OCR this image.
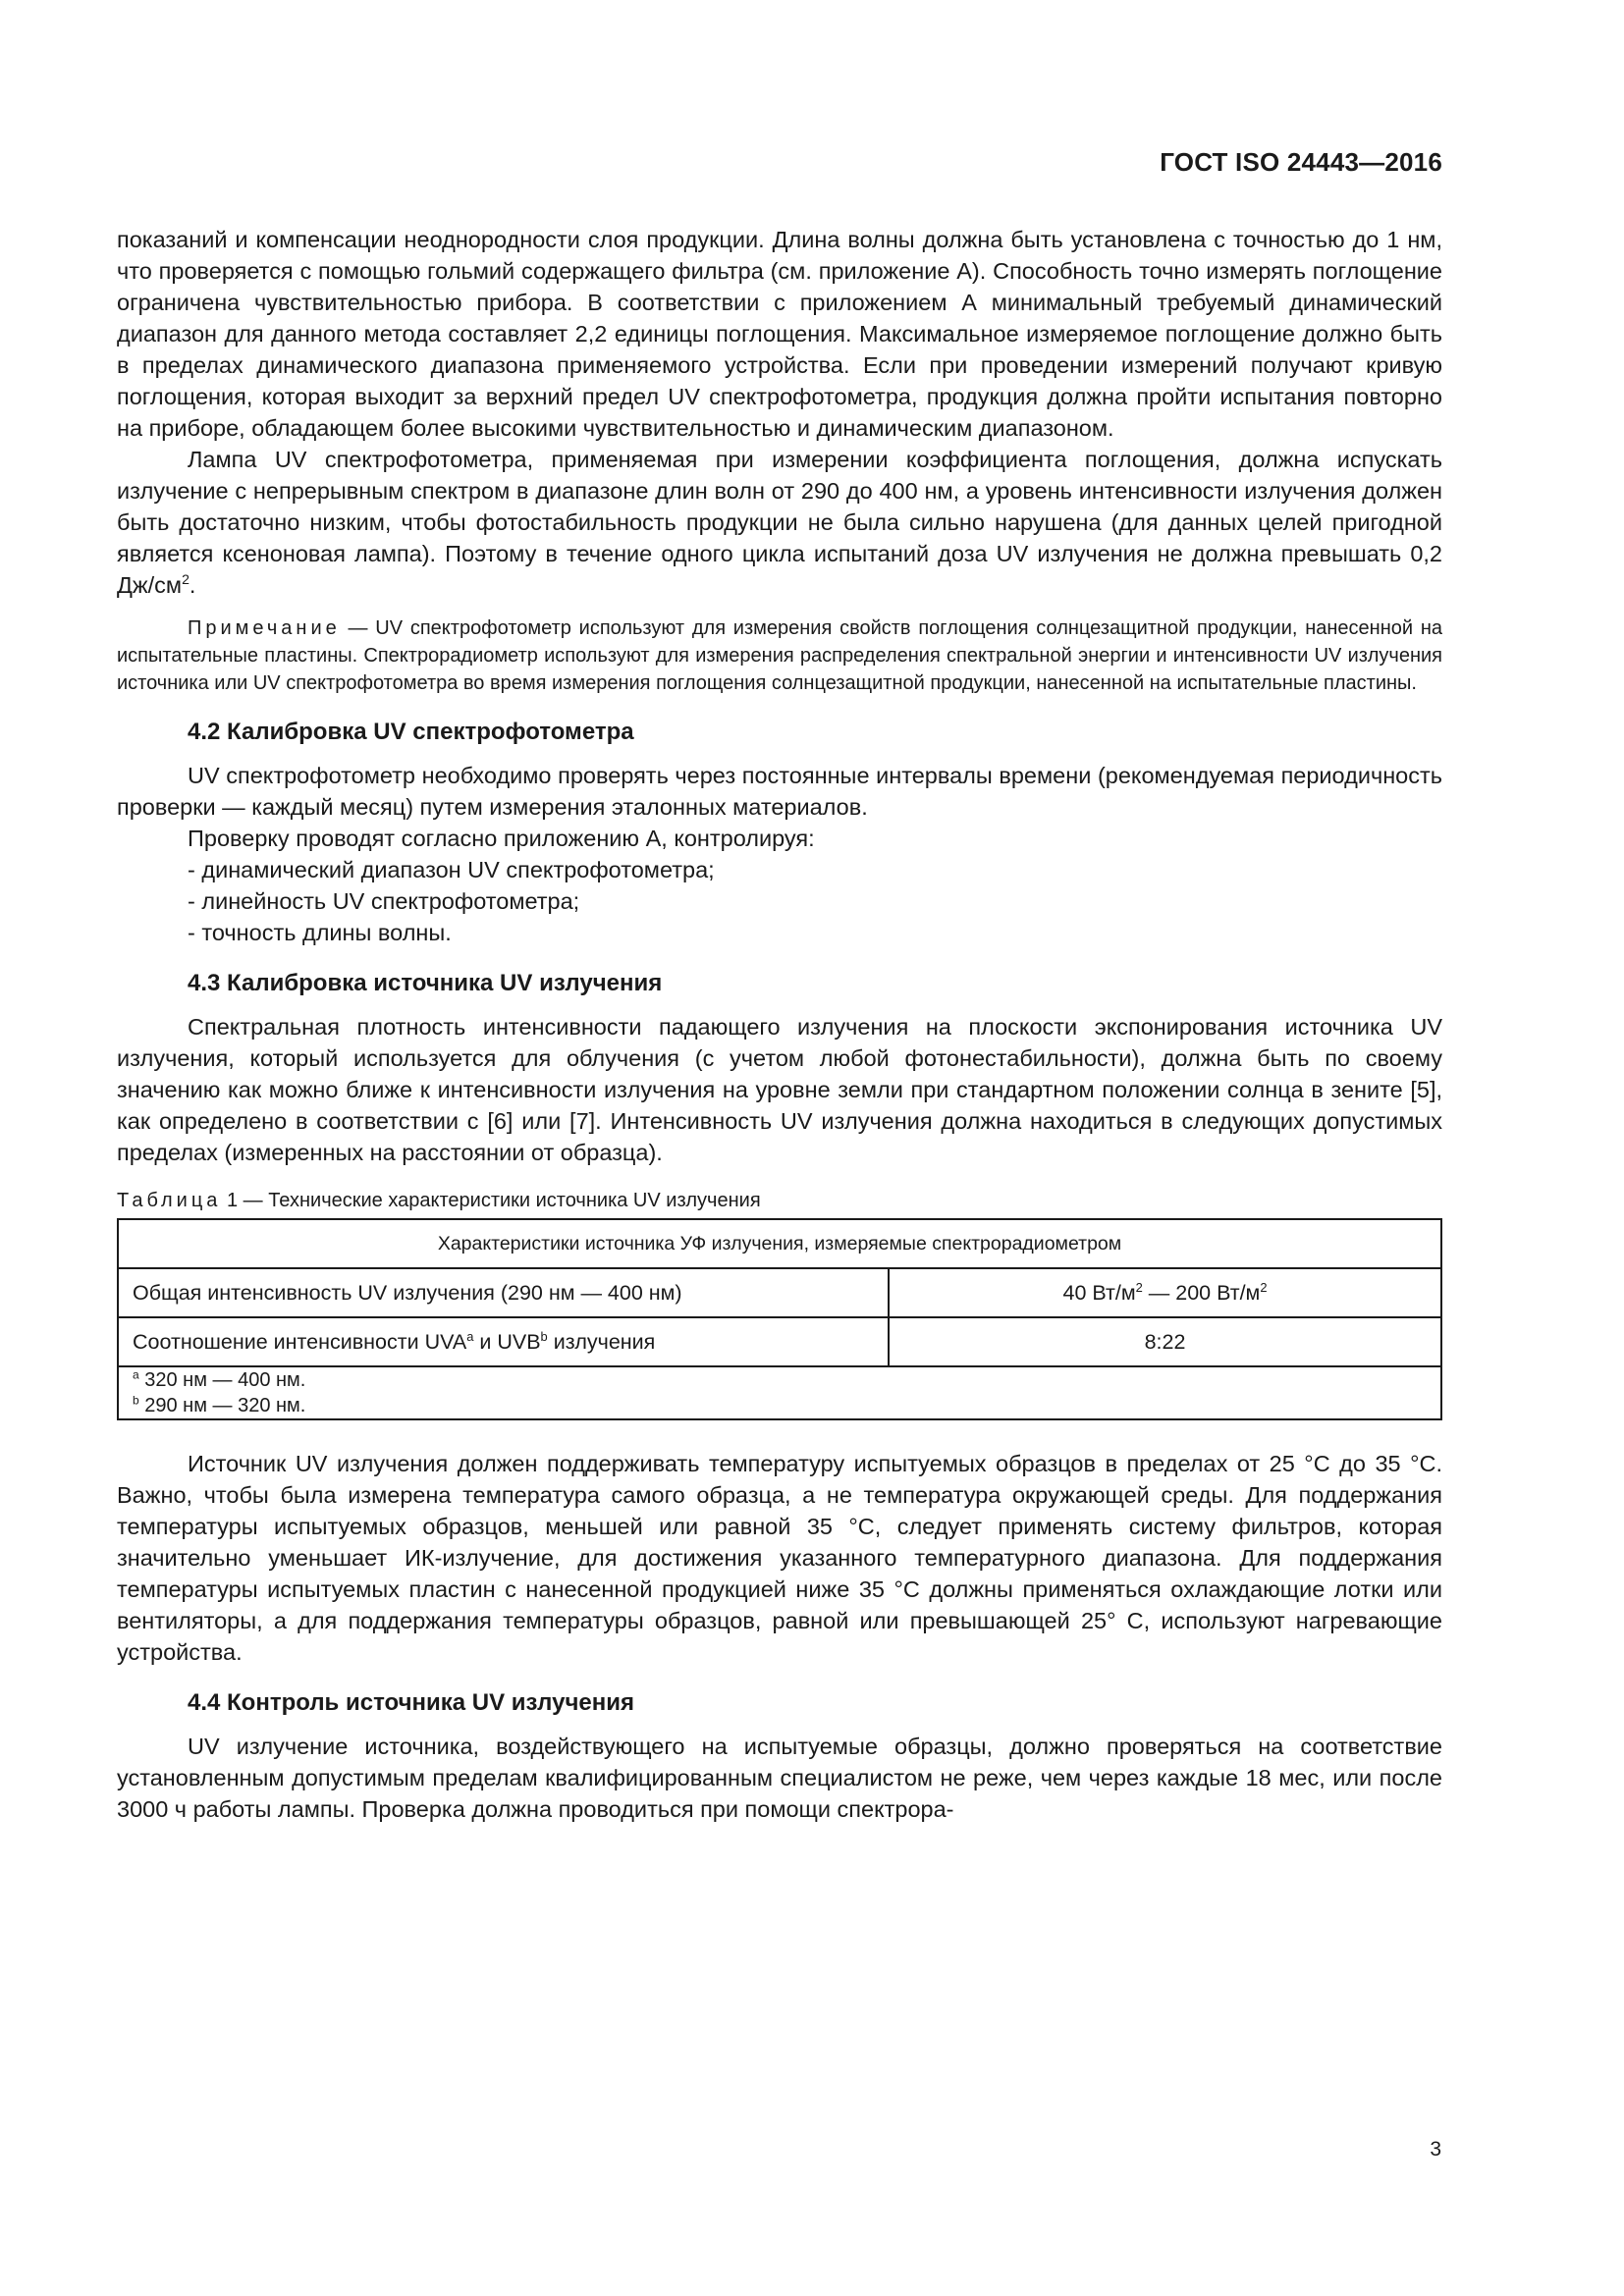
ГОСТ ISO 24443—2016

показаний и компенсации неоднородности слоя продукции. Длина волны должна быть установлена с точностью до 1 нм, что проверяется с помощью гольмий содержащего фильтра (см. приложение А). Способность точно измерять поглощение ограничена чувствительностью прибора. В соответствии с приложением А минимальный требуемый динамический диапазон для данного метода составляет 2,2 единицы поглощения. Максимальное измеряемое поглощение должно быть в пределах динамического диапазона применяемого устройства. Если при проведении измерений получают кривую поглощения, которая выходит за верхний предел UV спектрофотометра, продукция должна пройти испытания повторно на приборе, обладающем более высокими чувствительностью и динамическим диапазоном.

Лампа UV спектрофотометра, применяемая при измерении коэффициента поглощения, должна испускать излучение с непрерывным спектром в диапазоне длин волн от 290 до 400 нм, а уровень интенсивности излучения должен быть достаточно низким, чтобы фотостабильность продукции не была сильно нарушена (для данных целей пригодной является ксеноновая лампа). Поэтому в течение одного цикла испытаний доза UV излучения не должна превышать 0,2 $Дж/см^2$.

Примечание — UV спектрофотометр используют для измерения свойств поглощения солнцезащитной продукции, нанесенной на испытательные пластины. Спектрорадиометр используют для измерения распределения спектральной энергии и интенсивности UV излучения источника или UV спектрофотометра во время измерения поглощения солнцезащитной продукции, нанесенной на испытательные пластины.

4.2 Калибровка UV спектрофотометра

UV спектрофотометр необходимо проверять через постоянные интервалы времени (рекомендуемая периодичность проверки — каждый месяц) путем измерения эталонных материалов.

Проверку проводят согласно приложению А, контролируя:

- динамический диапазон UV спектрофотометра;
- линейность UV спектрофотометра;
- точность длины волны.
4.3 Калибровка источника UV излучения

Спектральная плотность интенсивности падающего излучения на плоскости экспонирования источника UV излучения, который используется для облучения (с учетом любой фотонестабильности), должна быть по своему значению как можно ближе к интенсивности излучения на уровне земли при стандартном положении солнца в зените [5], как определено в соответствии с [6] или [7]. Интенсивность UV излучения должна находиться в следующих допустимых пределах (измеренных на расстоянии от образца).

Таблица 1 — Технические характеристики источника UV излучения
Характеристики источника УФ излучения, измеряемые спектрорадиометром	
Общая интенсивность UV излучения (290 нм — 400 нм)	40 $Вт/м^2$ — 200 $Вт/м^2$
Соотношение интенсивности UVA$^a$ и UVB$^b$ излучения	8:22

$^a$ 320 нм — 400 нм.
$^b$ 290 нм — 320 нм.	

Источник UV излучения должен поддерживать температуру испытуемых образцов в пределах от 25 °С до 35 °С. Важно, чтобы была измерена температура самого образца, а не температура окружающей среды. Для поддержания температуры испытуемых образцов, меньшей или равной 35 °С, следует применять систему фильтров, которая значительно уменьшает ИК-излучение, для достижения указанного температурного диапазона. Для поддержания температуры испытуемых пластин с нанесенной продукцией ниже 35 °С должны применяться охлаждающие лотки или вентиляторы, а для поддержания температуры образцов, равной или превышающей 25° С, используют нагревающие устройства.

4.4 Контроль источника UV излучения

UV излучение источника, воздействующего на испытуемые образцы, должно проверяться на соответствие установленным допустимым пределам квалифицированным специалистом не реже, чем через каждые 18 мес, или после 3000 ч работы лампы. Проверка должна проводиться при помощи спектрора-

3
